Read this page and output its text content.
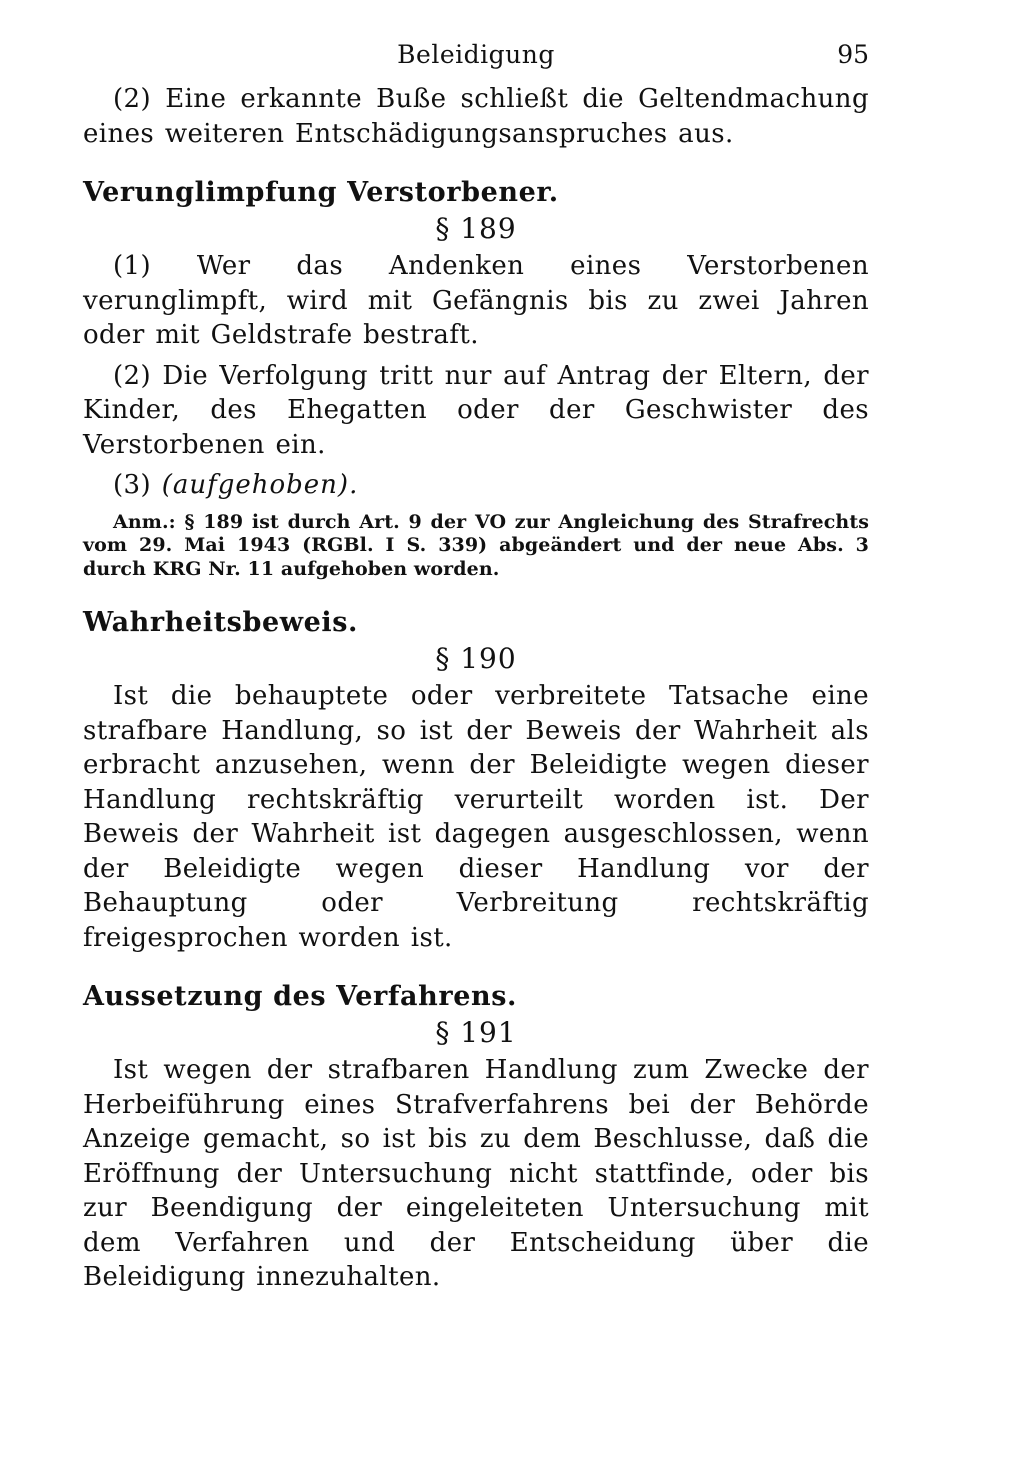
Beleidigung	95

(2) Eine erkannte Buße schließt die Geltendmachung eines weiteren Entschädigungsanspruches aus.

Verunglimpfung Verstorbener.
§ 189

(1) Wer das Andenken eines Verstorbenen verunglimpft, wird mit Gefängnis bis zu zwei Jahren oder mit Geldstrafe bestraft.

(2) Die Verfolgung tritt nur auf Antrag der Eltern, der Kinder, des Ehegatten oder der Geschwister des Verstorbenen ein.

(3) (aufgehoben).

Anm.: § 189 ist durch Art. 9 der VO zur Angleichung des Strafrechts vom 29. Mai 1943 (RGBl. I S. 339) abgeändert und der neue Abs. 3 durch KRG Nr. 11 aufgehoben worden.

Wahrheitsbeweis.
§ 190

Ist die behauptete oder verbreitete Tatsache eine strafbare Handlung, so ist der Beweis der Wahrheit als erbracht anzusehen, wenn der Beleidigte wegen dieser Handlung rechtskräftig verurteilt worden ist. Der Beweis der Wahrheit ist dagegen ausgeschlossen, wenn der Beleidigte wegen dieser Handlung vor der Behauptung oder Verbreitung rechtskräftig freigesprochen worden ist.

Aussetzung des Verfahrens.
§ 191

Ist wegen der strafbaren Handlung zum Zwecke der Herbeiführung eines Strafverfahrens bei der Behörde Anzeige gemacht, so ist bis zu dem Beschlusse, daß die Eröffnung der Untersuchung nicht stattfinde, oder bis zur Beendigung der eingeleiteten Untersuchung mit dem Verfahren und der Entscheidung über die Beleidigung innezuhalten.
